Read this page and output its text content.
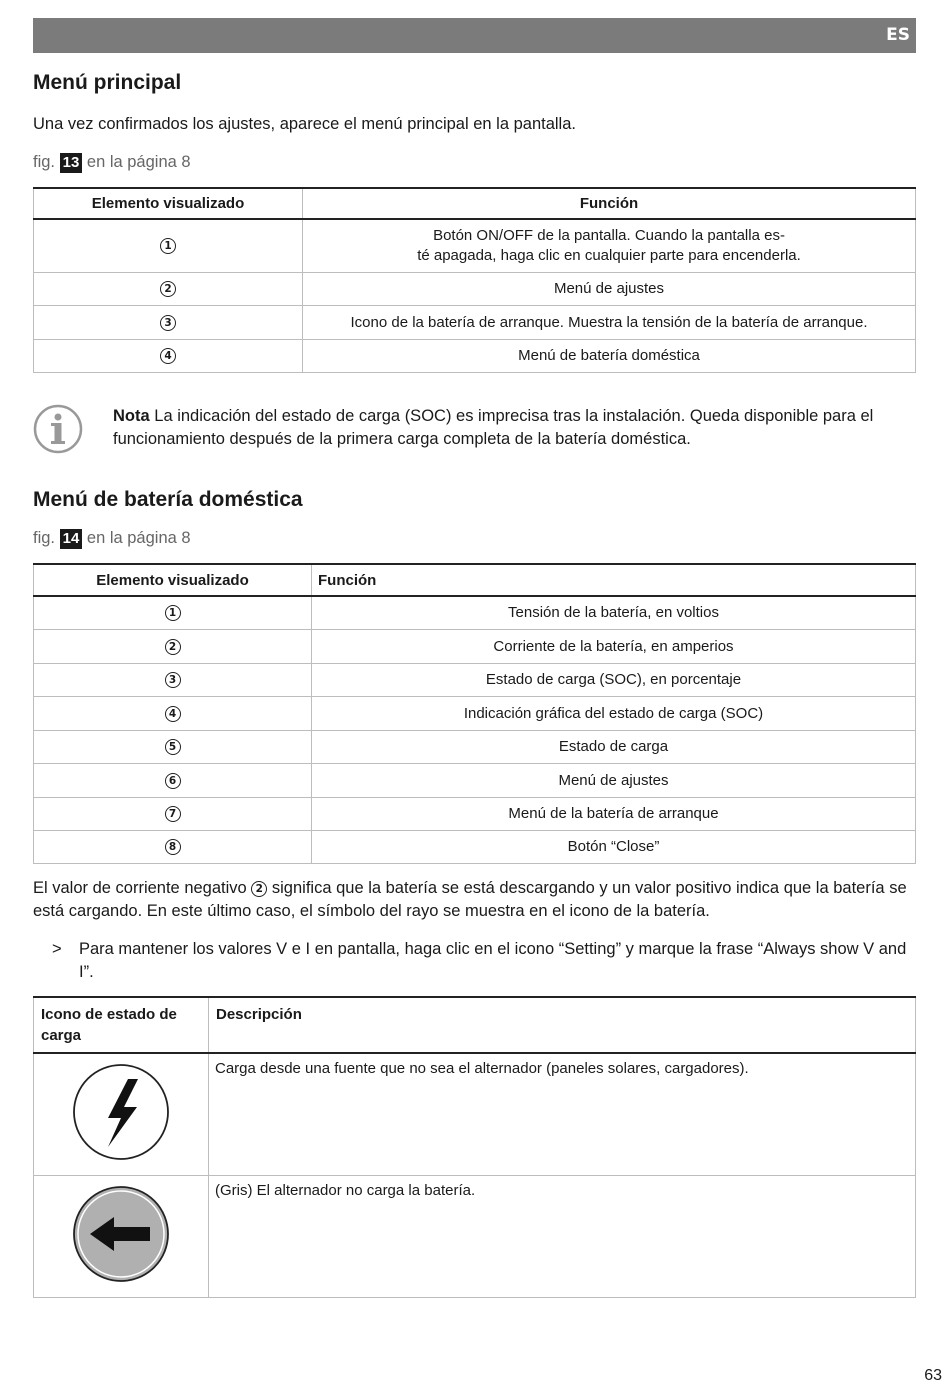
ES
Menú principal

Una vez confirmados los ajustes, aparece el menú principal en la pantalla.

fig. 13 en la página 8
Elemento visualizado	Función
1	Botón ON/OFF de la pantalla. Cuando la pantalla es-
té apagada, haga clic en cualquier parte para encenderla.
2	Menú de ajustes
3	Icono de la batería de arranque. Muestra la tensión de la batería de arranque.
4	Menú de batería doméstica
Nota La indicación del estado de carga (SOC) es imprecisa tras la instalación. Queda disponible para el funcionamiento después de la primera carga completa de la batería doméstica.
Menú de batería doméstica
fig. 14 en la página 8
Elemento visualizado	Función
1	Tensión de la batería, en voltios
2	Corriente de la batería, en amperios
3	Estado de carga (SOC), en porcentaje
4	Indicación gráfica del estado de carga (SOC)
5	Estado de carga
6	Menú de ajustes
7	Menú de la batería de arranque
8	Botón “Close”

El valor de corriente negativo 2 significa que la batería se está descargando y un valor positivo indica que la batería se está cargando. En este último caso, el símbolo del rayo se muestra en el icono de la batería.

> Para mantener los valores V e I en pantalla, haga clic en el icono “Setting” y marque la frase “Always show V and I”.
Icono de estado de carga	Descripción
	Carga desde una fuente que no sea el alternador (paneles solares, cargadores).
	(Gris) El alternador no carga la batería.
63
